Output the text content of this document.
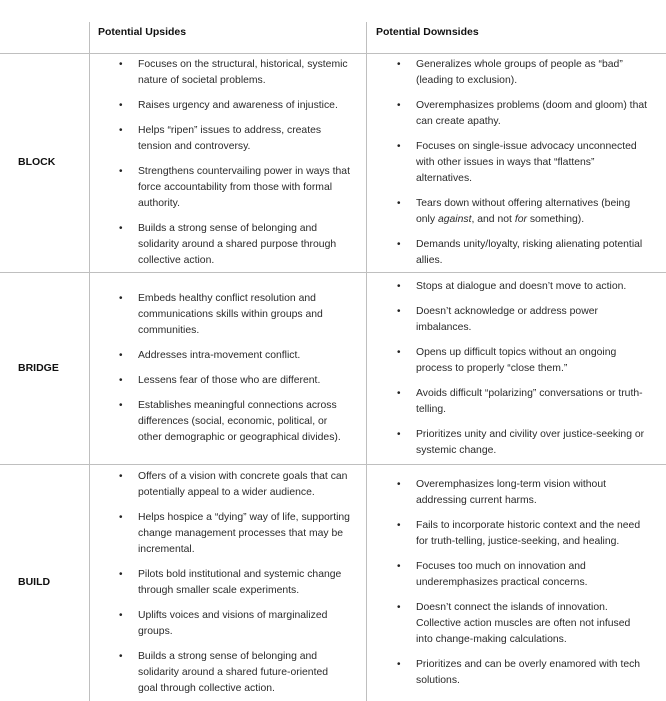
Potential Upsides	Potential Downsides
BLOCK
• Focuses on the structural, historical, systemic
nature of societal problems.
• Raises urgency and awareness of injustice.
• Helps “ripen” issues to address, creates
tension and controversy.
• Strengthens countervailing power in ways that
force accountability from those with formal
authority.
• Builds a strong sense of belonging and
solidarity around a shared purpose through
collective action.
• Generalizes whole groups of people as “bad”
(leading to exclusion).
• Overemphasizes problems (doom and gloom) that
can create apathy.
• Focuses on single-issue advocacy unconnected
with other issues in ways that “flattens”
alternatives.
• Tears down without offering alternatives (being
only against, and not for something).
• Demands unity/loyalty, risking alienating potential
allies.
BRIDGE
• Embeds healthy conflict resolution and
communications skills within groups and
communities.
• Addresses intra-movement conflict.
• Lessens fear of those who are different.
• Establishes meaningful connections across
differences (social, economic, political, or
other demographic or geographical divides).
• Stops at dialogue and doesn’t move to action.
• Doesn’t acknowledge or address power
imbalances.
• Opens up difficult topics without an ongoing
process to properly “close them.”
• Avoids difficult “polarizing” conversations or truth-
telling.
• Prioritizes unity and civility over justice-seeking or
systemic change.
BUILD
• Offers of a vision with concrete goals that can
potentially appeal to a wider audience.
• Helps hospice a “dying” way of life, supporting
change management processes that may be
incremental.
• Pilots bold institutional and systemic change
through smaller scale experiments.
• Uplifts voices and visions of marginalized
groups.
• Builds a strong sense of belonging and
solidarity around a shared future-oriented
goal through collective action.
• Overemphasizes long-term vision without
addressing current harms.
• Fails to incorporate historic context and the need
for truth-telling, justice-seeking, and healing.
• Focuses too much on innovation and
underemphasizes practical concerns.
• Doesn’t connect the islands of innovation.
Collective action muscles are often not infused
into change-making calculations.
• Prioritizes and can be overly enamored with tech
solutions.
